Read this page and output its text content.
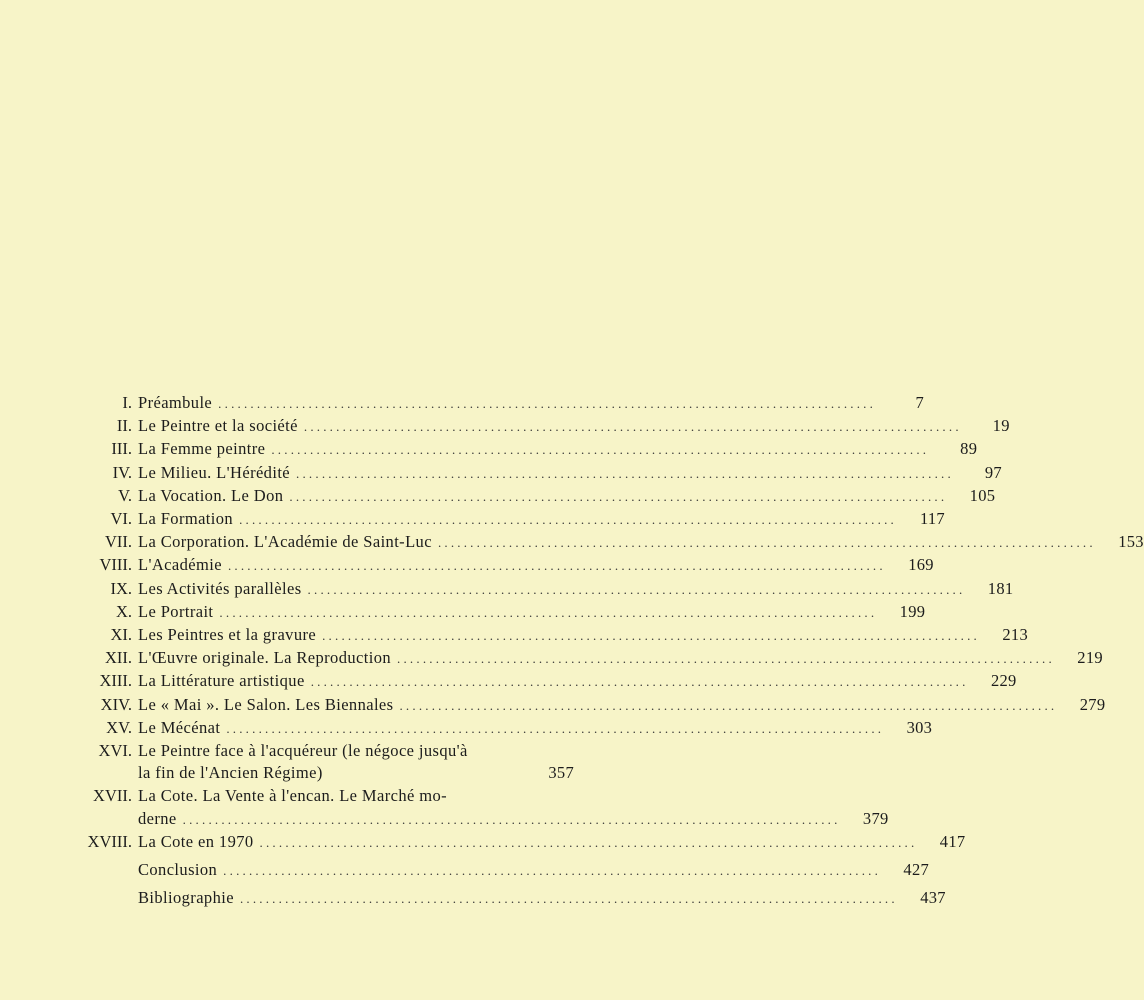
I. Préambule ......................................................................................................	7
II. Le Peintre et la société ......................................................................................................	19
III. La Femme peintre ......................................................................................................	89
IV. Le Milieu. L'Hérédité ......................................................................................................	97
V. La Vocation. Le Don ......................................................................................................	105
VI. La Formation ......................................................................................................	117
VII. La Corporation. L'Académie de Saint-Luc ......................................................................................................	153
VIII. L'Académie ......................................................................................................	169
IX. Les Activités parallèles ......................................................................................................	181
X. Le Portrait ......................................................................................................	199
XI. Les Peintres et la gravure ......................................................................................................	213
XII. L'Œuvre originale. La Reproduction ......................................................................................................	219
XIII. La Littérature artistique ......................................................................................................	229
XIV. Le « Mai ». Le Salon. Les Biennales ......................................................................................................	279
XV. Le Mécénat ......................................................................................................	303
XVI. Le Peintre face à l'acquéreur (le négoce jusqu'à
la fin de l'Ancien Régime)	357
XVII. La Cote. La Vente à l'encan. Le Marché mo-
derne ......................................................................................................	379
XVIII. La Cote en 1970 ......................................................................................................	417
Conclusion ......................................................................................................	427
Bibliographie ......................................................................................................	437
